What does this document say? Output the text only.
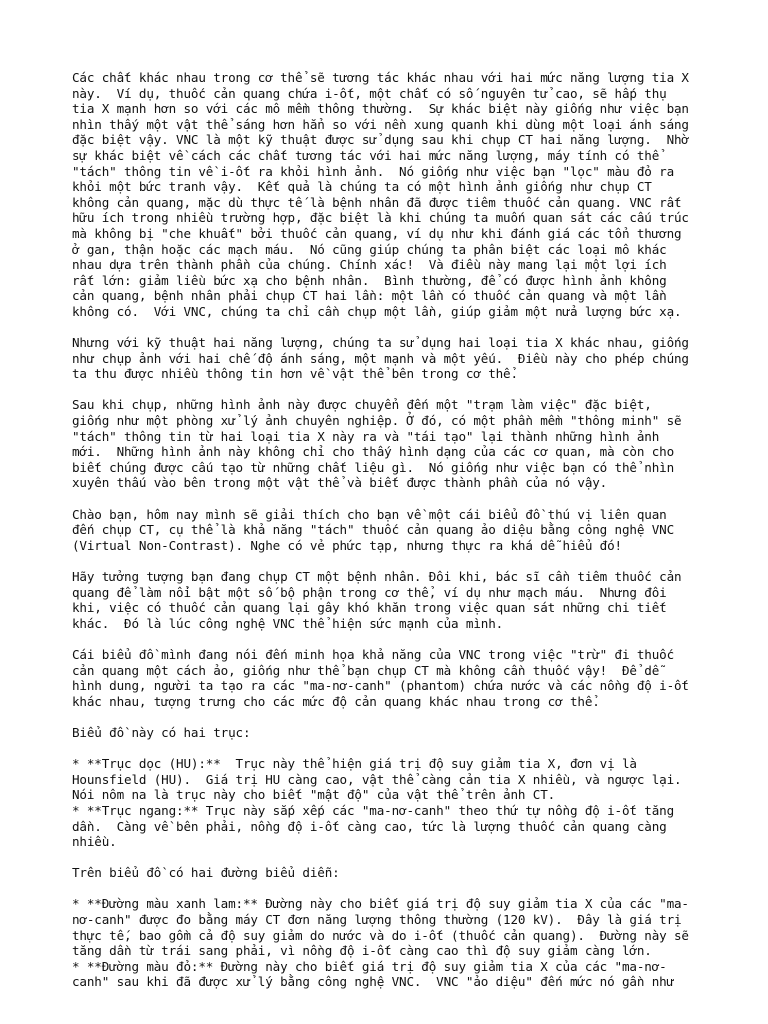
Các chất khác nhau trong cơ thể sẽ tương tác khác nhau với hai mức năng lượng tia X
này.  Ví dụ, thuốc cản quang chứa i-ốt, một chất có số nguyên tử cao, sẽ hấp thụ
tia X mạnh hơn so với các mô mềm thông thường.  Sự khác biệt này giống như việc bạn
nhìn thấy một vật thể sáng hơn hẳn so với nền xung quanh khi dùng một loại ánh sáng
đặc biệt vậy. VNC là một kỹ thuật được sử dụng sau khi chụp CT hai năng lượng.  Nhờ
sự khác biệt về cách các chất tương tác với hai mức năng lượng, máy tính có thể
"tách" thông tin về i-ốt ra khỏi hình ảnh.  Nó giống như việc bạn "lọc" màu đỏ ra
khỏi một bức tranh vậy.  Kết quả là chúng ta có một hình ảnh giống như chụp CT
không cản quang, mặc dù thực tế là bệnh nhân đã được tiêm thuốc cản quang. VNC rất
hữu ích trong nhiều trường hợp, đặc biệt là khi chúng ta muốn quan sát các cấu trúc
mà không bị "che khuất" bởi thuốc cản quang, ví dụ như khi đánh giá các tổn thương
ở gan, thận hoặc các mạch máu.  Nó cũng giúp chúng ta phân biệt các loại mô khác
nhau dựa trên thành phần của chúng. Chính xác!  Và điều này mang lại một lợi ích
rất lớn: giảm liều bức xạ cho bệnh nhân.  Bình thường, để có được hình ảnh không
cản quang, bệnh nhân phải chụp CT hai lần: một lần có thuốc cản quang và một lần
không có.  Với VNC, chúng ta chỉ cần chụp một lần, giúp giảm một nửa lượng bức xạ.
Nhưng với kỹ thuật hai năng lượng, chúng ta sử dụng hai loại tia X khác nhau, giống
như chụp ảnh với hai chế độ ánh sáng, một mạnh và một yếu.  Điều này cho phép chúng
ta thu được nhiều thông tin hơn về vật thể bên trong cơ thể.
Sau khi chụp, những hình ảnh này được chuyển đến một "trạm làm việc" đặc biệt,
giống như một phòng xử lý ảnh chuyên nghiệp. Ở đó, có một phần mềm "thông minh" sẽ
"tách" thông tin từ hai loại tia X này ra và "tái tạo" lại thành những hình ảnh
mới.  Những hình ảnh này không chỉ cho thấy hình dạng của các cơ quan, mà còn cho
biết chúng được cấu tạo từ những chất liệu gì.  Nó giống như việc bạn có thể nhìn
xuyên thấu vào bên trong một vật thể và biết được thành phần của nó vậy.
Chào bạn, hôm nay mình sẽ giải thích cho bạn về một cái biểu đồ thú vị liên quan
đến chụp CT, cụ thể là khả năng "tách" thuốc cản quang ảo diệu bằng công nghệ VNC
(Virtual Non-Contrast). Nghe có vẻ phức tạp, nhưng thực ra khá dễ hiểu đó!
Hãy tưởng tượng bạn đang chụp CT một bệnh nhân. Đôi khi, bác sĩ cần tiêm thuốc cản
quang để làm nổi bật một số bộ phận trong cơ thể, ví dụ như mạch máu.  Nhưng đôi
khi, việc có thuốc cản quang lại gây khó khăn trong việc quan sát những chi tiết
khác.  Đó là lúc công nghệ VNC thể hiện sức mạnh của mình.
Cái biểu đồ mình đang nói đến minh họa khả năng của VNC trong việc "trừ" đi thuốc
cản quang một cách ảo, giống như thể bạn chụp CT mà không cần thuốc vậy!  Để dễ
hình dung, người ta tạo ra các "ma-nơ-canh" (phantom) chứa nước và các nồng độ i-ốt
khác nhau, tượng trưng cho các mức độ cản quang khác nhau trong cơ thể.
Biểu đồ này có hai trục:
* **Trục dọc (HU):**  Trục này thể hiện giá trị độ suy giảm tia X, đơn vị là
Hounsfield (HU).  Giá trị HU càng cao, vật thể càng cản tia X nhiều, và ngược lại.
Nói nôm na là trục này cho biết "mật độ" của vật thể trên ảnh CT.
* **Trục ngang:** Trục này sắp xếp các "ma-nơ-canh" theo thứ tự nồng độ i-ốt tăng
dần.  Càng về bên phải, nồng độ i-ốt càng cao, tức là lượng thuốc cản quang càng
nhiều.
Trên biểu đồ có hai đường biểu diễn:
* **Đường màu xanh lam:** Đường này cho biết giá trị độ suy giảm tia X của các "ma-
nơ-canh" được đo bằng máy CT đơn năng lượng thông thường (120 kV).  Đây là giá trị
thực tế, bao gồm cả độ suy giảm do nước và do i-ốt (thuốc cản quang).  Đường này sẽ
tăng dần từ trái sang phải, vì nồng độ i-ốt càng cao thì độ suy giảm càng lớn.
* **Đường màu đỏ:** Đường này cho biết giá trị độ suy giảm tia X của các "ma-nơ-
canh" sau khi đã được xử lý bằng công nghệ VNC.  VNC "ảo diệu" đến mức nó gần như
